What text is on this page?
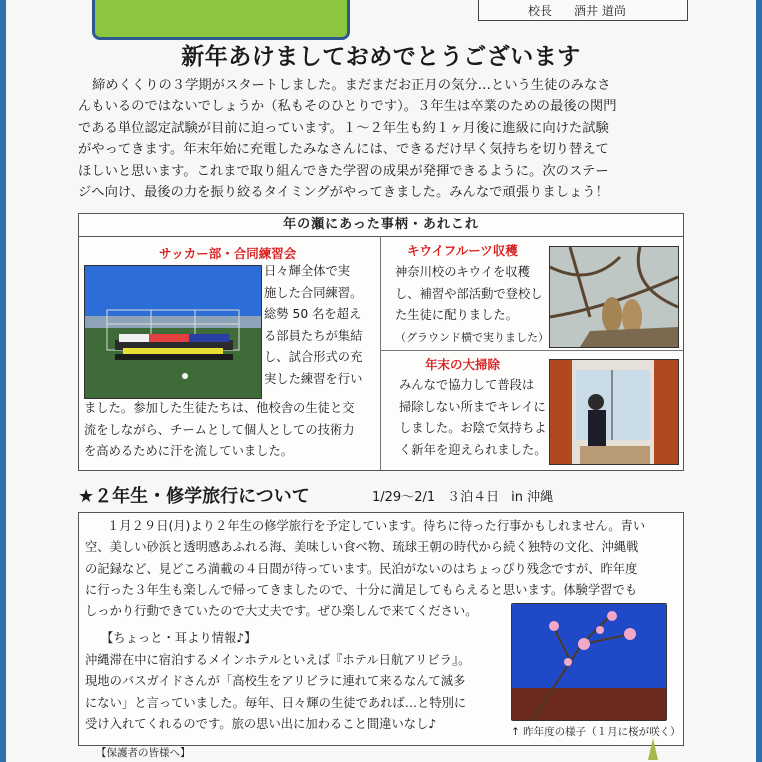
校長 酒井 道尚
新年あけましておめでとうございます

締めくくりの３学期がスタートしました。まだまだお正月の気分…という生徒のみなさ
んもいるのではないでしょうか（私もそのひとりです）。３年生は卒業のための最後の関門
である単位認定試験が目前に迫っています。１～２年生も約１ヶ月後に進級に向けた試験
がやってきます。年末年始に充電したみなさんには、できるだけ早く気持ちを切り替えて
ほしいと思います。これまで取り組んできた学習の成果が発揮できるように。次のステー
ジへ向け、最後の力を振り絞るタイミングがやってきました。みんなで頑張りましょう！

年の瀬にあった事柄・あれこれ
サッカー部・合同練習会

日々輝全体で実
施した合同練習。
総勢 50 名を超え
る部員たちが集結
し、試合形式の充
実した練習を行い

ました。参加した生徒たちは、他校舎の生徒と交
流をしながら、チームとして個人としての技術力
を高めるために汗を流していました。

キウイフルーツ収穫

神奈川校のキウイを収穫
し、補習や部活動で登校し
た生徒に配りました。
（グラウンド横で実りました）

年末の大掃除

みんなで協力して普段は
掃除しない所までキレイに
しました。お陰で気持ちよ
く新年を迎えられました。

★２年生・修学旅行について	1/29～2/1 ３泊４日 in 沖縄

１月２９日(月)より２年生の修学旅行を予定しています。待ちに待った行事かもしれません。青い
空、美しい砂浜と透明感あふれる海、美味しい食べ物、琉球王朝の時代から続く独特の文化、沖縄戦
の記録など、見どころ満載の４日間が待っています。民泊がないのはちょっぴり残念ですが、昨年度
に行った３年生も楽しんで帰ってきましたので、十分に満足してもらえると思います。体験学習でも
しっかり行動できていたので大丈夫です。ぜひ楽しんで来てください。

【ちょっと・耳より情報♪】

沖縄滞在中に宿泊するメインホテルといえば『ホテル日航アリビラ』。
現地のバスガイドさんが「高校生をアリビラに連れて来るなんて滅多
にない」と言っていました。毎年、日々輝の生徒であれば…と特別に
受け入れてくれるのです。旅の思い出に加わること間違いなし♪

↑ 昨年度の様子（１月に桜が咲く）
【保護者の皆様へ】
